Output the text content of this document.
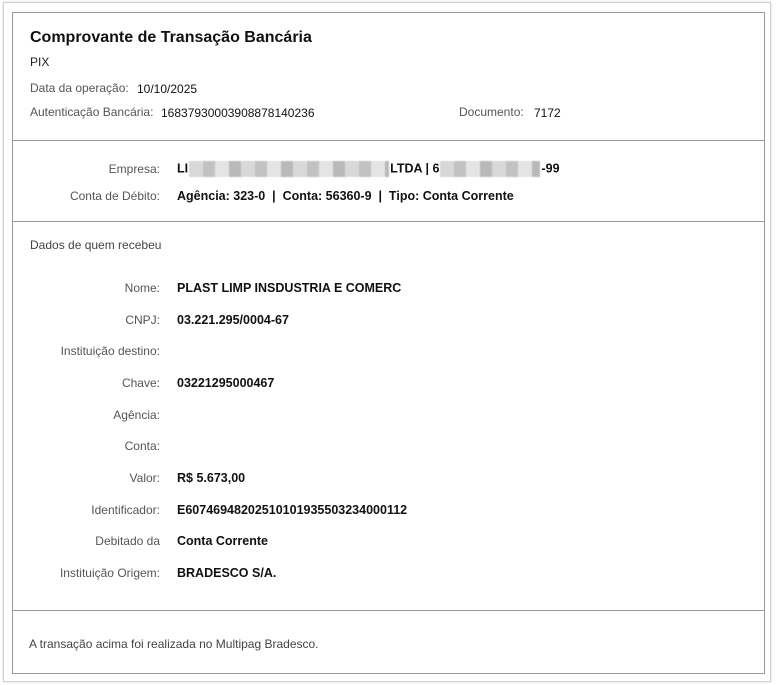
Comprovante de Transação Bancária
PIX
Data da operação: 10/10/2025
Autenticação Bancária: 16837930003908878140236	Documento: 7172
Empresa: LI	LTDA | 6	-99
Conta de Débito: Agência: 323-0  |  Conta: 56360-9  |  Tipo: Conta Corrente
Dados de quem recebeu
Nome: PLAST LIMP INSDUSTRIA E COMERC
CNPJ: 03.221.295/0004-67
Instituição destino:
Chave: 03221295000467
Agência:
Conta:
Valor: R$ 5.673,00
Identificador: E60746948202510101935503234000112
Debitado da Conta Corrente
Instituição Origem: BRADESCO S/A.
A transação acima foi realizada no Multipag Bradesco.
